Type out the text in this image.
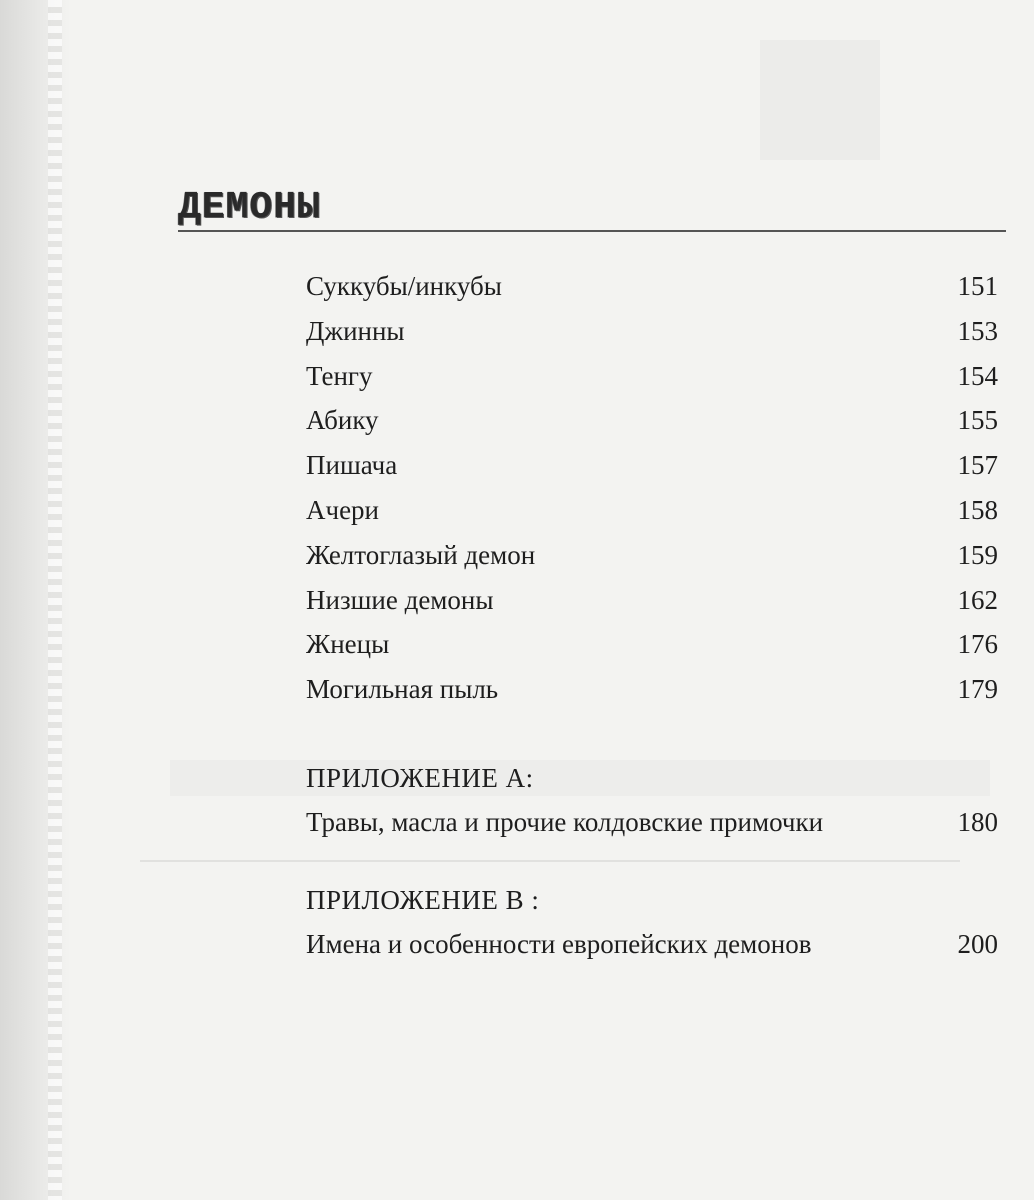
ДЕМОНЫ
Суккубы/инкубы	151
Джинны	153
Тенгу	154
Абику	155
Пишача	157
Ачери	158
Желтоглазый демон	159
Низшие демоны	162
Жнецы	176
Могильная пыль	179
ПРИЛОЖЕНИЕ А:
Травы, масла и прочие колдовские примочки	180
ПРИЛОЖЕНИЕ В :
Имена и особенности европейских демонов	200
